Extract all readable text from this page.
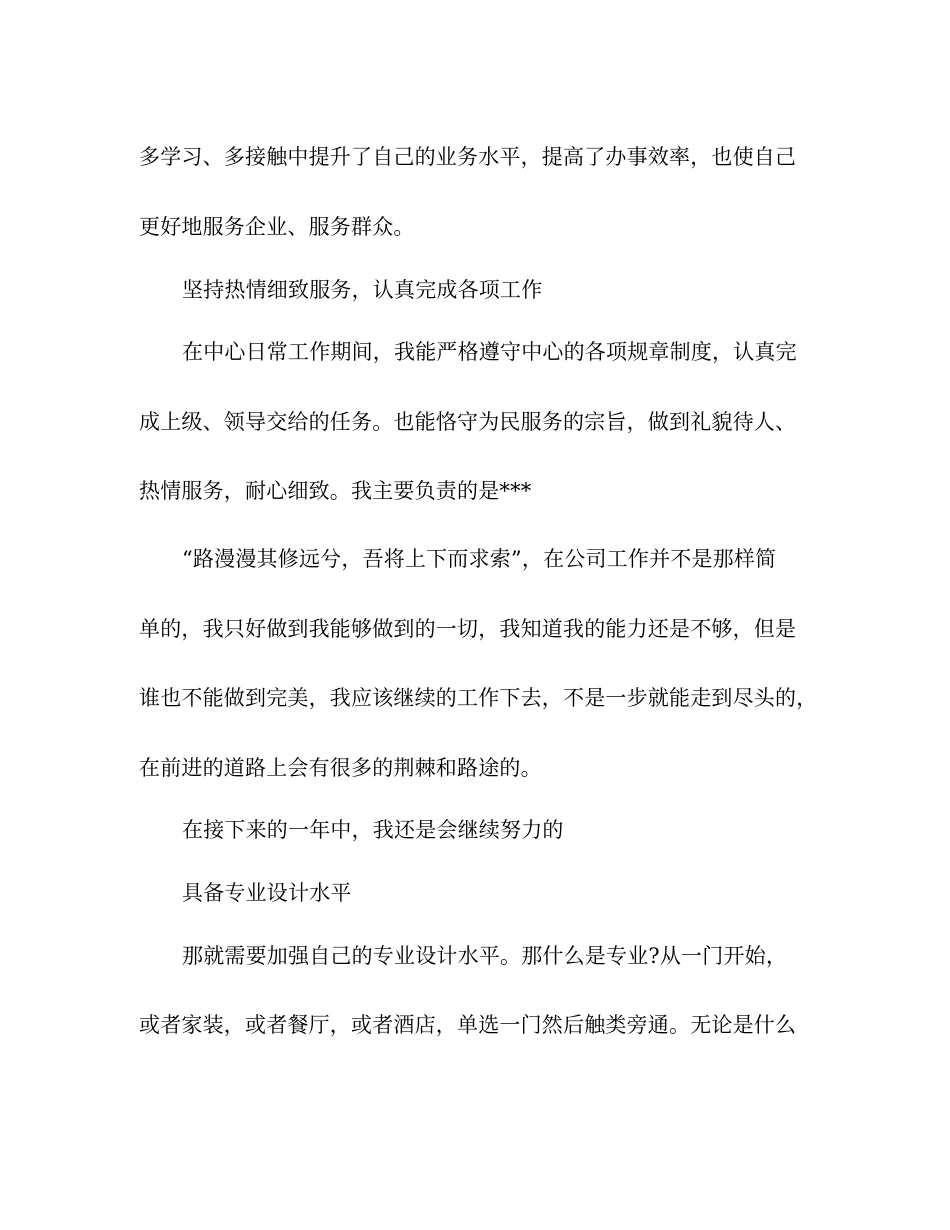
多学习、多接触中提升了自己的业务水平，提高了办事效率，也使自己
更好地服务企业、服务群众。
坚持热情细致服务，认真完成各项工作
在中心日常工作期间，我能严格遵守中心的各项规章制度，认真完
成上级、领导交给的任务。也能恪守为民服务的宗旨，做到礼貌待人、
热情服务，耐心细致。我主要负责的是***
“路漫漫其修远兮，吾将上下而求索”，在公司工作并不是那样简
单的，我只好做到我能够做到的一切，我知道我的能力还是不够，但是
谁也不能做到完美，我应该继续的工作下去，不是一步就能走到尽头的，
在前进的道路上会有很多的荆棘和路途的。
在接下来的一年中，我还是会继续努力的
具备专业设计水平
那就需要加强自己的专业设计水平。那什么是专业?从一门开始，
或者家装，或者餐厅，或者酒店，单选一门然后触类旁通。无论是什么
